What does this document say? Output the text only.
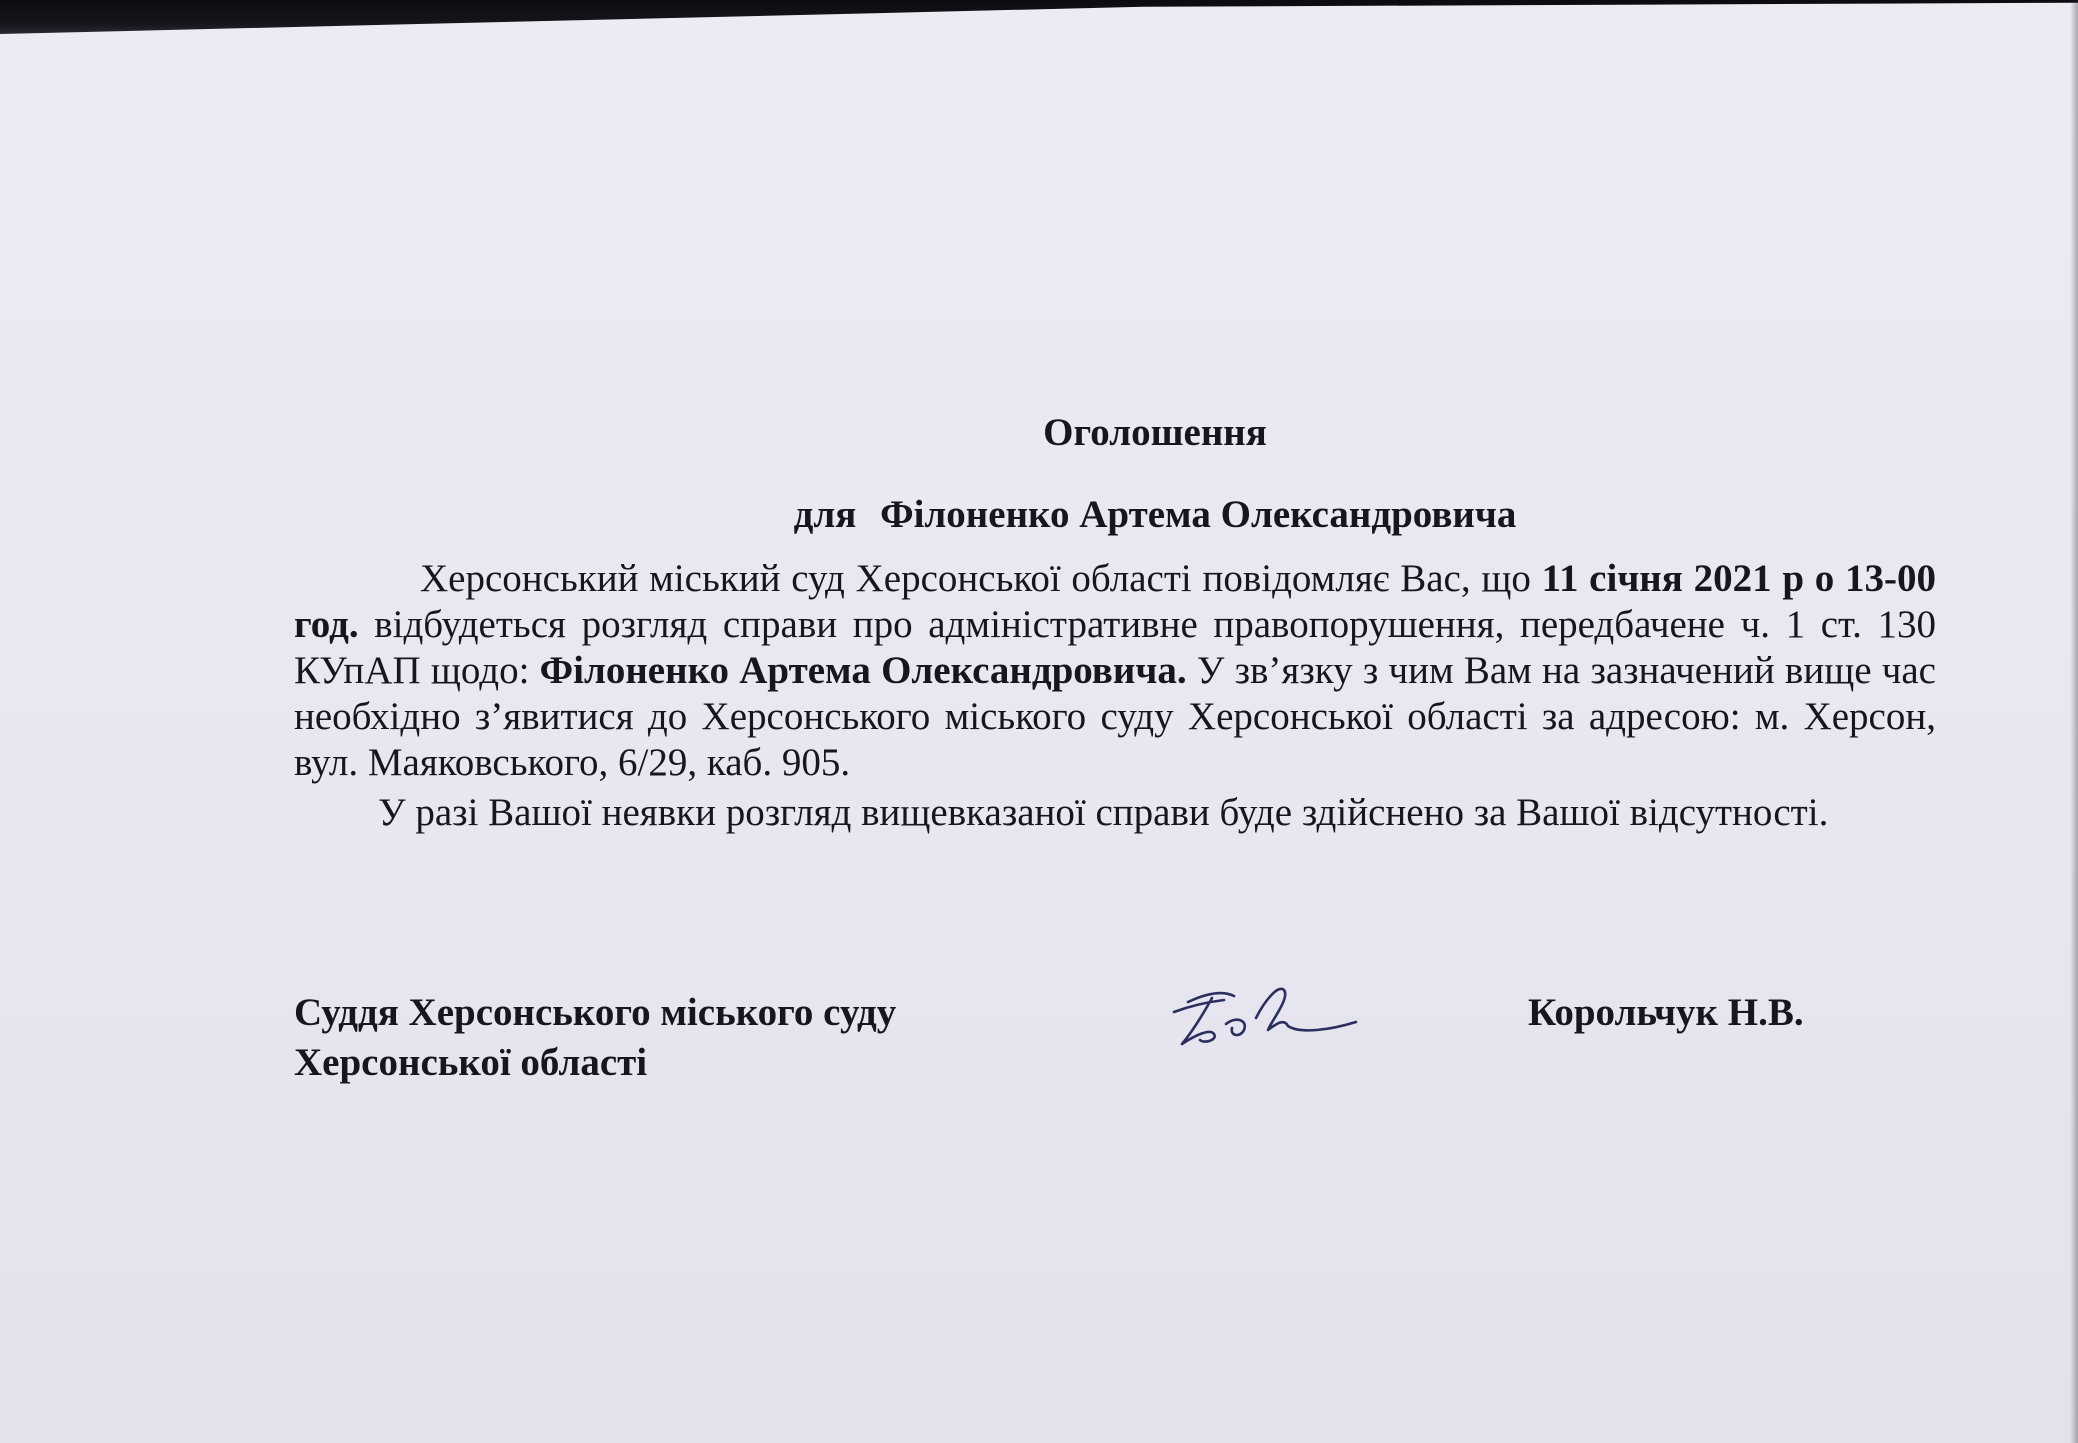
Оголошення

для Філоненко Артема Олександровича

Херсонський міський суд Херсонської області повідомляє Вас, що 11 січня 2021 р о 13-00 год. відбудеться розгляд справи про адміністративне правопорушення, передбачене ч. 1 ст. 130 КУпАП щодо: Філоненко Артема Олександровича. У зв’язку з чим Вам на зазначений вище час необхідно з’явитися до Херсонського міського суду Херсонської області за адресою: м. Херсон, вул. Маяковського, 6/29, каб. 905.

У разі Вашої неявки розгляд вищевказаної справи буде здійснено за Вашої відсутності.

Суддя Херсонського міського суду
Херсонської області
Корольчук Н.В.
